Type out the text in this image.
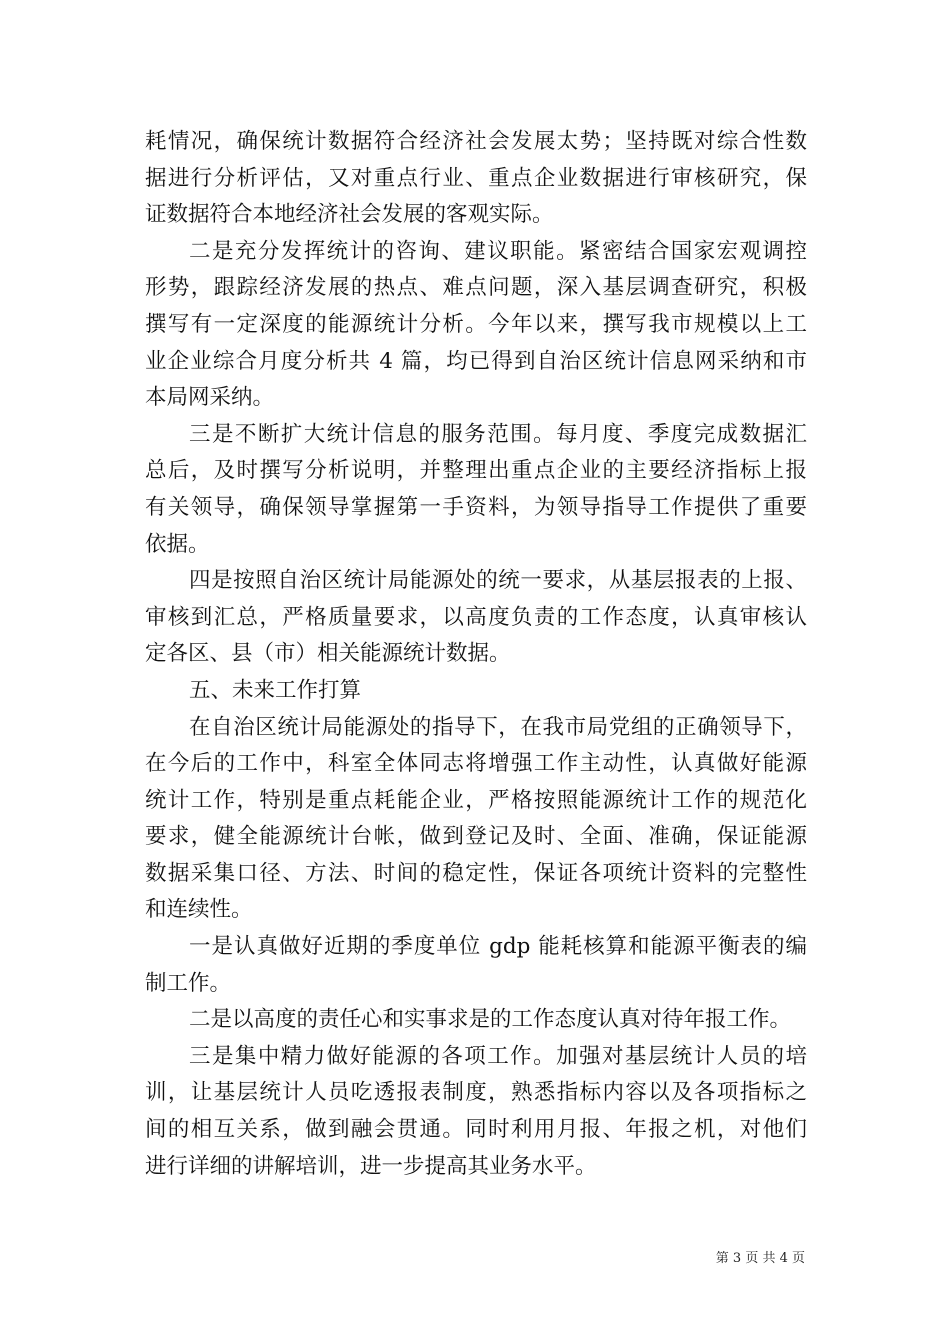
耗情况，确保统计数据符合经济社会发展太势；坚持既对综合性数
据进行分析评估，又对重点行业、重点企业数据进行审核研究，保
证数据符合本地经济社会发展的客观实际。
二是充分发挥统计的咨询、建议职能。紧密结合国家宏观调控
形势，跟踪经济发展的热点、难点问题，深入基层调查研究，积极
撰写有一定深度的能源统计分析。今年以来，撰写我市规模以上工
业企业综合月度分析共 4 篇，均已得到自治区统计信息网采纳和市
本局网采纳。
三是不断扩大统计信息的服务范围。每月度、季度完成数据汇
总后，及时撰写分析说明，并整理出重点企业的主要经济指标上报
有关领导，确保领导掌握第一手资料，为领导指导工作提供了重要
依据。
四是按照自治区统计局能源处的统一要求，从基层报表的上报、
审核到汇总，严格质量要求，以高度负责的工作态度，认真审核认
定各区、县（市）相关能源统计数据。
五、未来工作打算
在自治区统计局能源处的指导下，在我市局党组的正确领导下，
在今后的工作中，科室全体同志将增强工作主动性，认真做好能源
统计工作，特别是重点耗能企业，严格按照能源统计工作的规范化
要求，健全能源统计台帐，做到登记及时、全面、准确，保证能源
数据采集口径、方法、时间的稳定性，保证各项统计资料的完整性
和连续性。
一是认真做好近期的季度单位 gdp 能耗核算和能源平衡表的编
制工作。
二是以高度的责任心和实事求是的工作态度认真对待年报工作。
三是集中精力做好能源的各项工作。加强对基层统计人员的培
训，让基层统计人员吃透报表制度，熟悉指标内容以及各项指标之
间的相互关系，做到融会贯通。同时利用月报、年报之机，对他们
进行详细的讲解培训，进一步提高其业务水平。
第 3 页 共 4 页
